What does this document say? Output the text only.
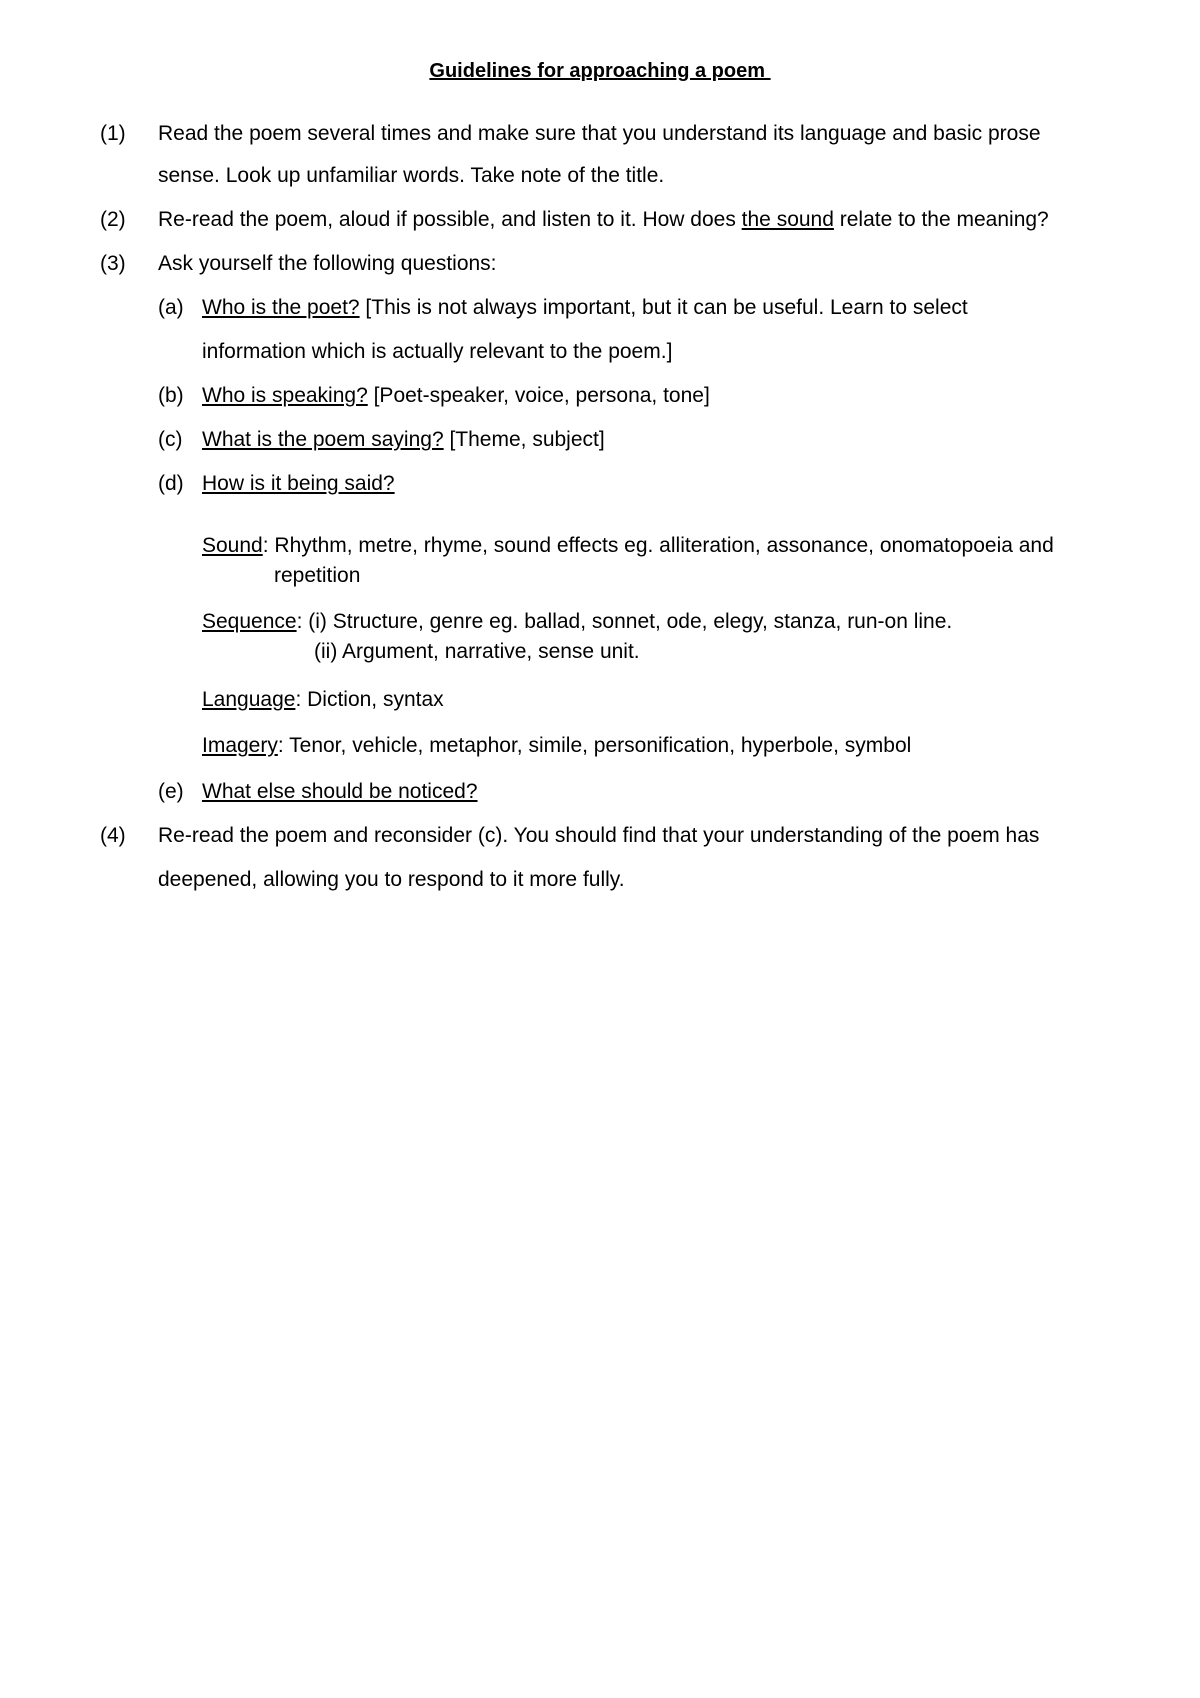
Guidelines for approaching a poem
(1) Read the poem several times and make sure that you understand its language and basic prose
sense. Look up unfamiliar words. Take note of the title.
(2) Re-read the poem, aloud if possible, and listen to it. How does the sound relate to the meaning?
(3) Ask yourself the following questions:
(a) Who is the poet? [This is not always important, but it can be useful. Learn to select
information which is actually relevant to the poem.]
(b) Who is speaking? [Poet-speaker, voice, persona, tone]
(c) What is the poem saying? [Theme, subject]
(d) How is it being said?
Sound: Rhythm, metre, rhyme, sound effects eg. alliteration, assonance, onomatopoeia and
repetition
Sequence: (i) Structure, genre eg. ballad, sonnet, ode, elegy, stanza, run-on line.
(ii) Argument, narrative, sense unit.
Language: Diction, syntax
Imagery: Tenor, vehicle, metaphor, simile, personification, hyperbole, symbol
(e) What else should be noticed?
(4) Re-read the poem and reconsider (c). You should find that your understanding of the poem has
deepened, allowing you to respond to it more fully.
